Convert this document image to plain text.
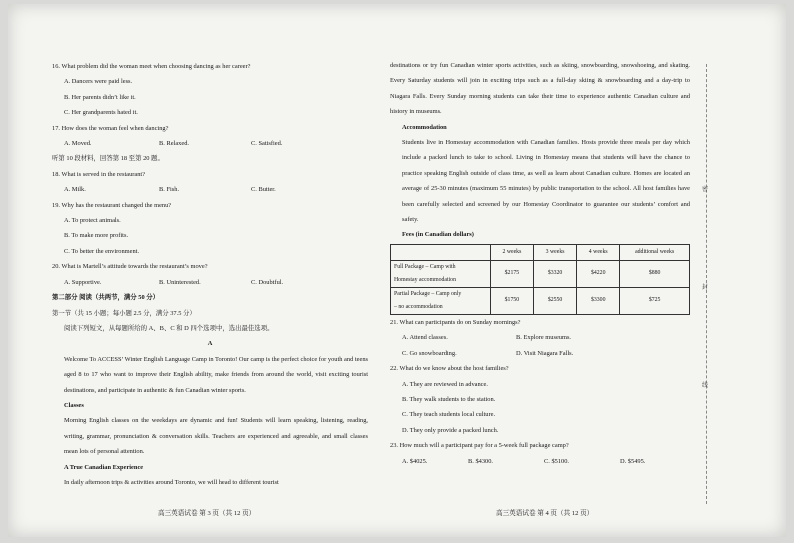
16. What problem did the woman meet when choosing dancing as her career?

A. Dancers were paid less.

B. Her parents didn’t like it.

C. Her grandparents hated it.

17. How does the woman feel when dancing?

A. Moved.	B. Relaxed.	C. Satisfied.

听第 10 段材料，回答第 18 至第 20 题。

18. What is served in the restaurant?

A. Milk.	B. Fish.	C. Butter.

19. Why has the restaurant changed the menu?

A. To protect animals.

B. To make more profits.

C. To better the environment.

20. What is Martell’s attitude towards the restaurant’s move?

A. Supportive.	B. Uninterested.	C. Doubtful.

第二部分 阅读（共两节，满分 50 分）

第一节（共 15 小题；每小题 2.5 分，满分 37.5 分）

阅读下列短文，从每题所给的 A、B、C 和 D 四个选项中，选出最佳选项。

A

Welcome To ACCESS’ Winter English Language Camp in Toronto! Our camp is the perfect choice for youth and teens aged 8 to 17 who want to improve their English ability, make friends from around the world, visit exciting tourist destinations, and participate in authentic & fun Canadian winter sports.

Classes

Morning English classes on the weekdays are dynamic and fun! Students will learn speaking, listening, reading, writing, grammar, pronunciation & conversation skills. Teachers are experienced and agreeable, and small classes mean lots of personal attention.

A True Canadian Experience

In daily afternoon trips & activities around Toronto, we will head to different tourist

destinations or try fun Canadian winter sports activities, such as skiing, snowboarding, snowshoeing, and skating. Every Saturday students will join in exciting trips such as a full-day skiing & snowboarding and a day-trip to Niagara Falls. Every Sunday morning students can take their time to experience authentic Canadian culture and history in museums.

Accommodation

Students live in Homestay accommodation with Canadian families. Hosts provide three meals per day which include a packed lunch to take to school. Living in Homestay means that students will have the chance to practice speaking English outside of class time, as well as learn about Canadian culture. Homes are located an average of 25-30 minutes (maximum 55 minutes) by public transportation to the school. All host families have been carefully selected and screened by our Homestay Coordinator to guarantee our students’ comfort and safety.

Fees (in Canadian dollars)

	2 weeks	3 weeks	4 weeks	additional weeks

Full Package – Camp with
Homestay accommodation	$2175	$3320	$4220	$880

Partial Package – Camp only
– no accommodation	$1750	$2550	$3300	$725

21. What can participants do on Sunday mornings?

A. Attend classes.	B. Explore museums.

C. Go snowboarding.	D. Visit Niagara Falls.

22. What do we know about the host families?

A. They are reviewed in advance.

B. They walk students to the station.

C. They teach students local culture.

D. They only provide a packed lunch.

23. How much will a participant pay for a 5-week full package camp?

A. $4025.	B. $4300.	C. $5100.	D. $5495.

密
封
线
高三英语试卷 第 3 页（共 12 页）	高三英语试卷 第 4 页（共 12 页）
